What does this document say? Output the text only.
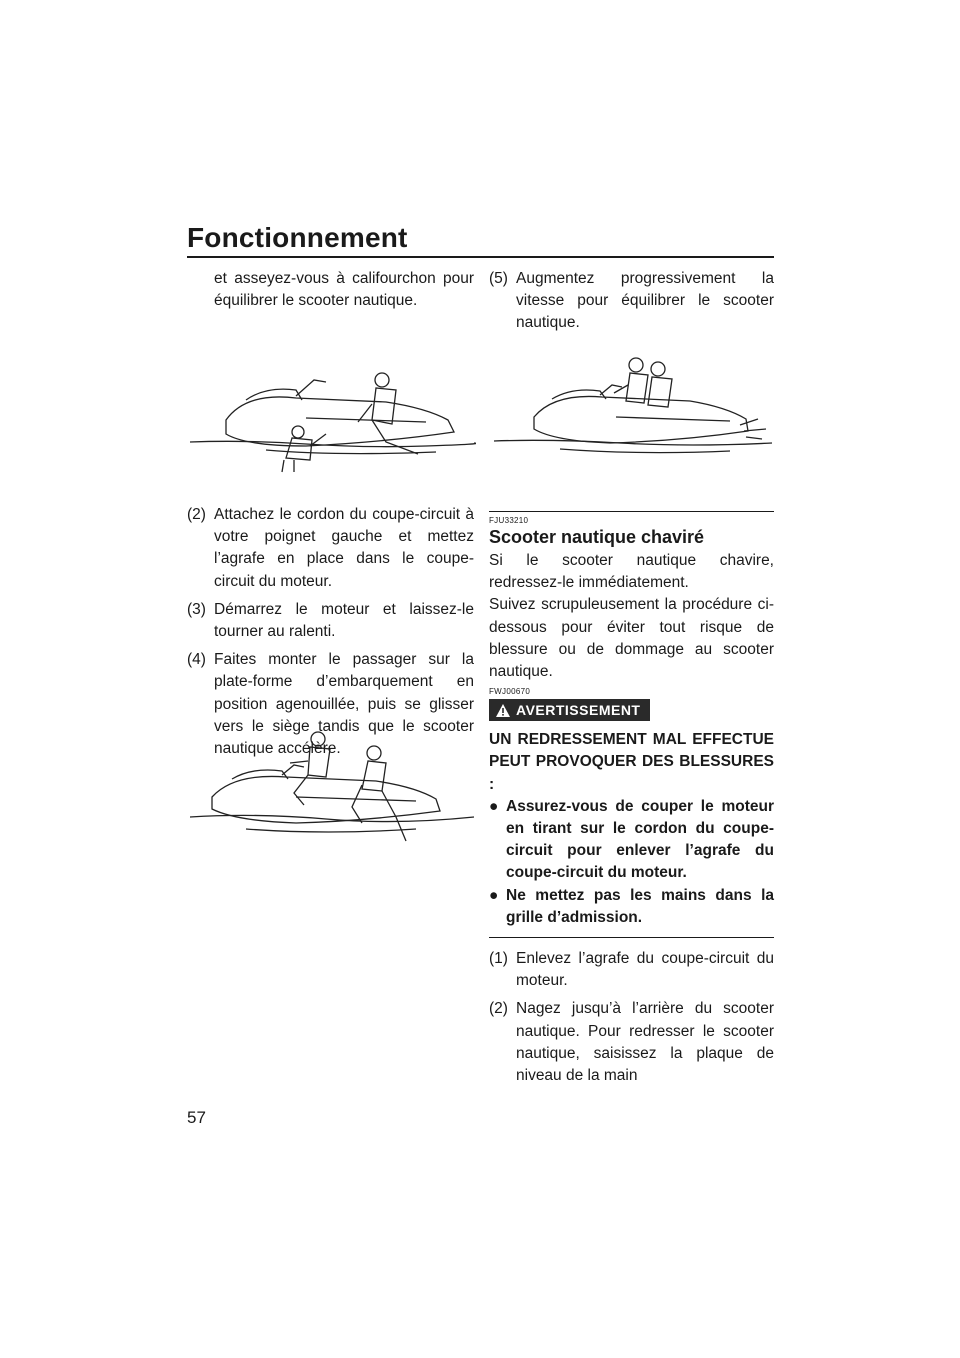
Fonctionnement

et asseyez-vous à califourchon pour équilibrer le scooter nautique.

(2) Attachez le cordon du coupe-circuit à votre poignet gauche et mettez l’agrafe en place dans le coupe-circuit du moteur.
(3) Démarrez le moteur et laissez-le tourner au ralenti.
(4) Faites monter le passager sur la plate-forme d’embarquement en position agenouillée, puis se glisser vers le siège tandis que le scooter nautique accélère.
(5) Augmentez progressivement la vitesse pour équilibrer le scooter nautique.
FJU33210
Scooter nautique chaviré

Si le scooter nautique chavire, redressez-le immédiatement.

Suivez scrupuleusement la procédure ci-dessous pour éviter tout risque de blessure ou de dommage au scooter nautique.

FWJ00670
AVERTISSEMENT

UN REDRESSEMENT MAL EFFECTUE PEUT PROVOQUER DES BLESSURES :

● Assurez-vous de couper le moteur en tirant sur le cordon du coupe-circuit pour enlever l’agrafe du coupe-circuit du moteur.
● Ne mettez pas les mains dans la grille d’admission.
(1) Enlevez l’agrafe du coupe-circuit du moteur.
(2) Nagez jusqu’à l’arrière du scooter nautique. Pour redresser le scooter nautique, saisissez la plaque de niveau de la main
57
